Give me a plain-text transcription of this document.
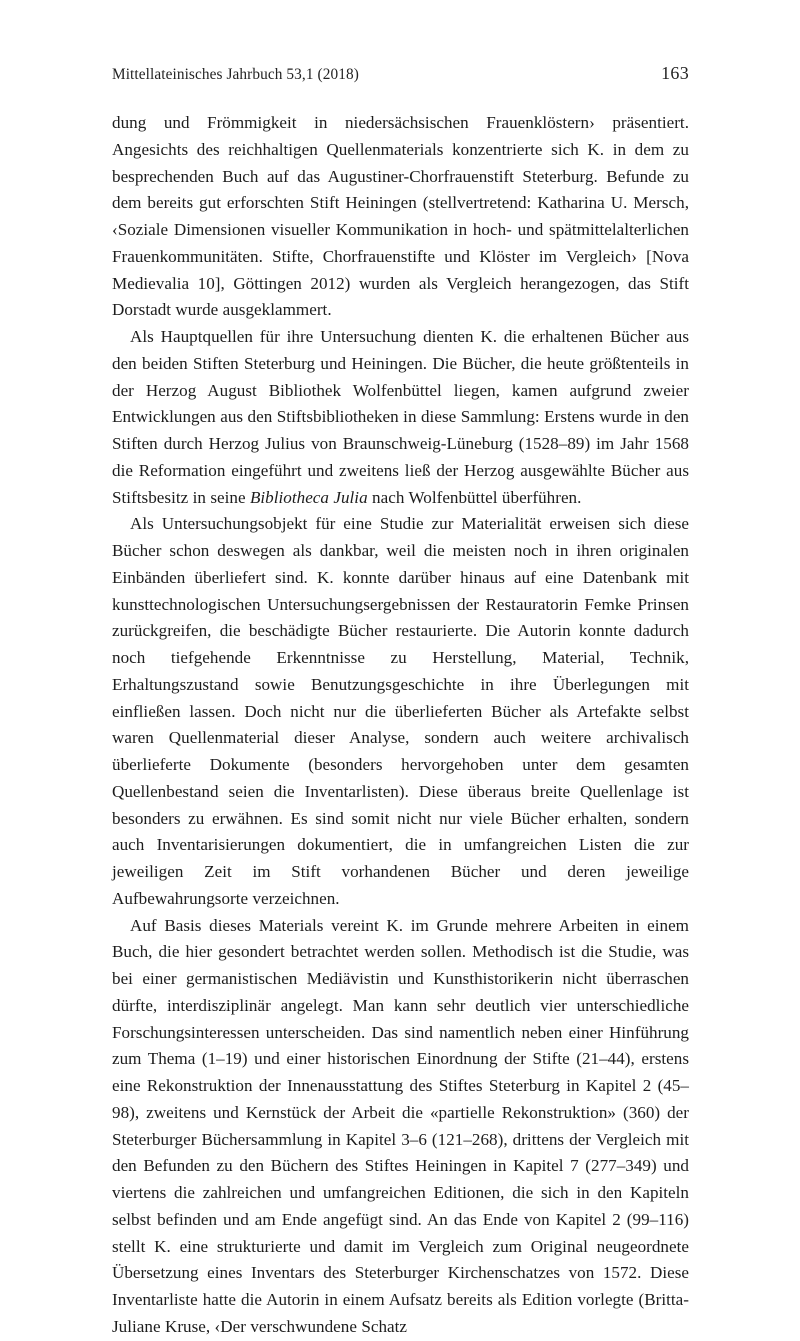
Mittellateinisches Jahrbuch 53,1 (2018)	163

dung und Frömmigkeit in niedersächsischen Frauenklöstern› präsentiert. Angesichts des reichhaltigen Quellenmaterials konzentrierte sich K. in dem zu besprechenden Buch auf das Augustiner-Chorfrauenstift Steterburg. Befunde zu dem bereits gut erforschten Stift Heiningen (stellvertretend: Katharina U. Mersch, ‹Soziale Dimensionen visueller Kommunikation in hoch- und spätmittelalterlichen Frauenkommunitäten. Stifte, Chorfrauenstifte und Klöster im Vergleich› [Nova Medievalia 10], Göttingen 2012) wurden als Vergleich herangezogen, das Stift Dorstadt wurde ausgeklammert.

Als Hauptquellen für ihre Untersuchung dienten K. die erhaltenen Bücher aus den beiden Stiften Steterburg und Heiningen. Die Bücher, die heute größtenteils in der Herzog August Bibliothek Wolfenbüttel liegen, kamen aufgrund zweier Entwicklungen aus den Stiftsbibliotheken in diese Sammlung: Erstens wurde in den Stiften durch Herzog Julius von Braunschweig-Lüneburg (1528–89) im Jahr 1568 die Reformation eingeführt und zweitens ließ der Herzog ausgewählte Bücher aus Stiftsbesitz in seine Bibliotheca Julia nach Wolfenbüttel überführen.

Als Untersuchungsobjekt für eine Studie zur Materialität erweisen sich diese Bücher schon deswegen als dankbar, weil die meisten noch in ihren originalen Einbänden überliefert sind. K. konnte darüber hinaus auf eine Datenbank mit kunsttechnologischen Untersuchungsergebnissen der Restauratorin Femke Prinsen zurückgreifen, die beschädigte Bücher restaurierte. Die Autorin konnte dadurch noch tiefgehende Erkenntnisse zu Herstellung, Material, Technik, Erhaltungszustand sowie Benutzungsgeschichte in ihre Überlegungen mit einfließen lassen. Doch nicht nur die überlieferten Bücher als Artefakte selbst waren Quellenmaterial dieser Analyse, sondern auch weitere archivalisch überlieferte Dokumente (besonders hervorgehoben unter dem gesamten Quellenbestand seien die Inventarlisten). Diese überaus breite Quellenlage ist besonders zu erwähnen. Es sind somit nicht nur viele Bücher erhalten, sondern auch Inventarisierungen dokumentiert, die in umfangreichen Listen die zur jeweiligen Zeit im Stift vorhandenen Bücher und deren jeweilige Aufbewahrungsorte verzeichnen.

Auf Basis dieses Materials vereint K. im Grunde mehrere Arbeiten in einem Buch, die hier gesondert betrachtet werden sollen. Methodisch ist die Studie, was bei einer germanistischen Mediävistin und Kunsthistorikerin nicht überraschen dürfte, interdisziplinär angelegt. Man kann sehr deutlich vier unterschiedliche Forschungsinteressen unterscheiden. Das sind namentlich neben einer Hinführung zum Thema (1–19) und einer historischen Einordnung der Stifte (21–44), erstens eine Rekonstruktion der Innenausstattung des Stiftes Steterburg in Kapitel 2 (45–98), zweitens und Kernstück der Arbeit die «partielle Rekonstruktion» (360) der Steterburger Büchersammlung in Kapitel 3–6 (121–268), drittens der Vergleich mit den Befunden zu den Büchern des Stiftes Heiningen in Kapitel 7 (277–349) und viertens die zahlreichen und umfangreichen Editionen, die sich in den Kapiteln selbst befinden und am Ende angefügt sind. An das Ende von Kapitel 2 (99–116) stellt K. eine strukturierte und damit im Vergleich zum Original neugeordnete Übersetzung eines Inventars des Steterburger Kirchenschatzes von 1572. Diese Inventarliste hatte die Autorin in einem Aufsatz bereits als Edition vorlegte (Britta-Juliane Kruse, ‹Der verschwundene Schatz
